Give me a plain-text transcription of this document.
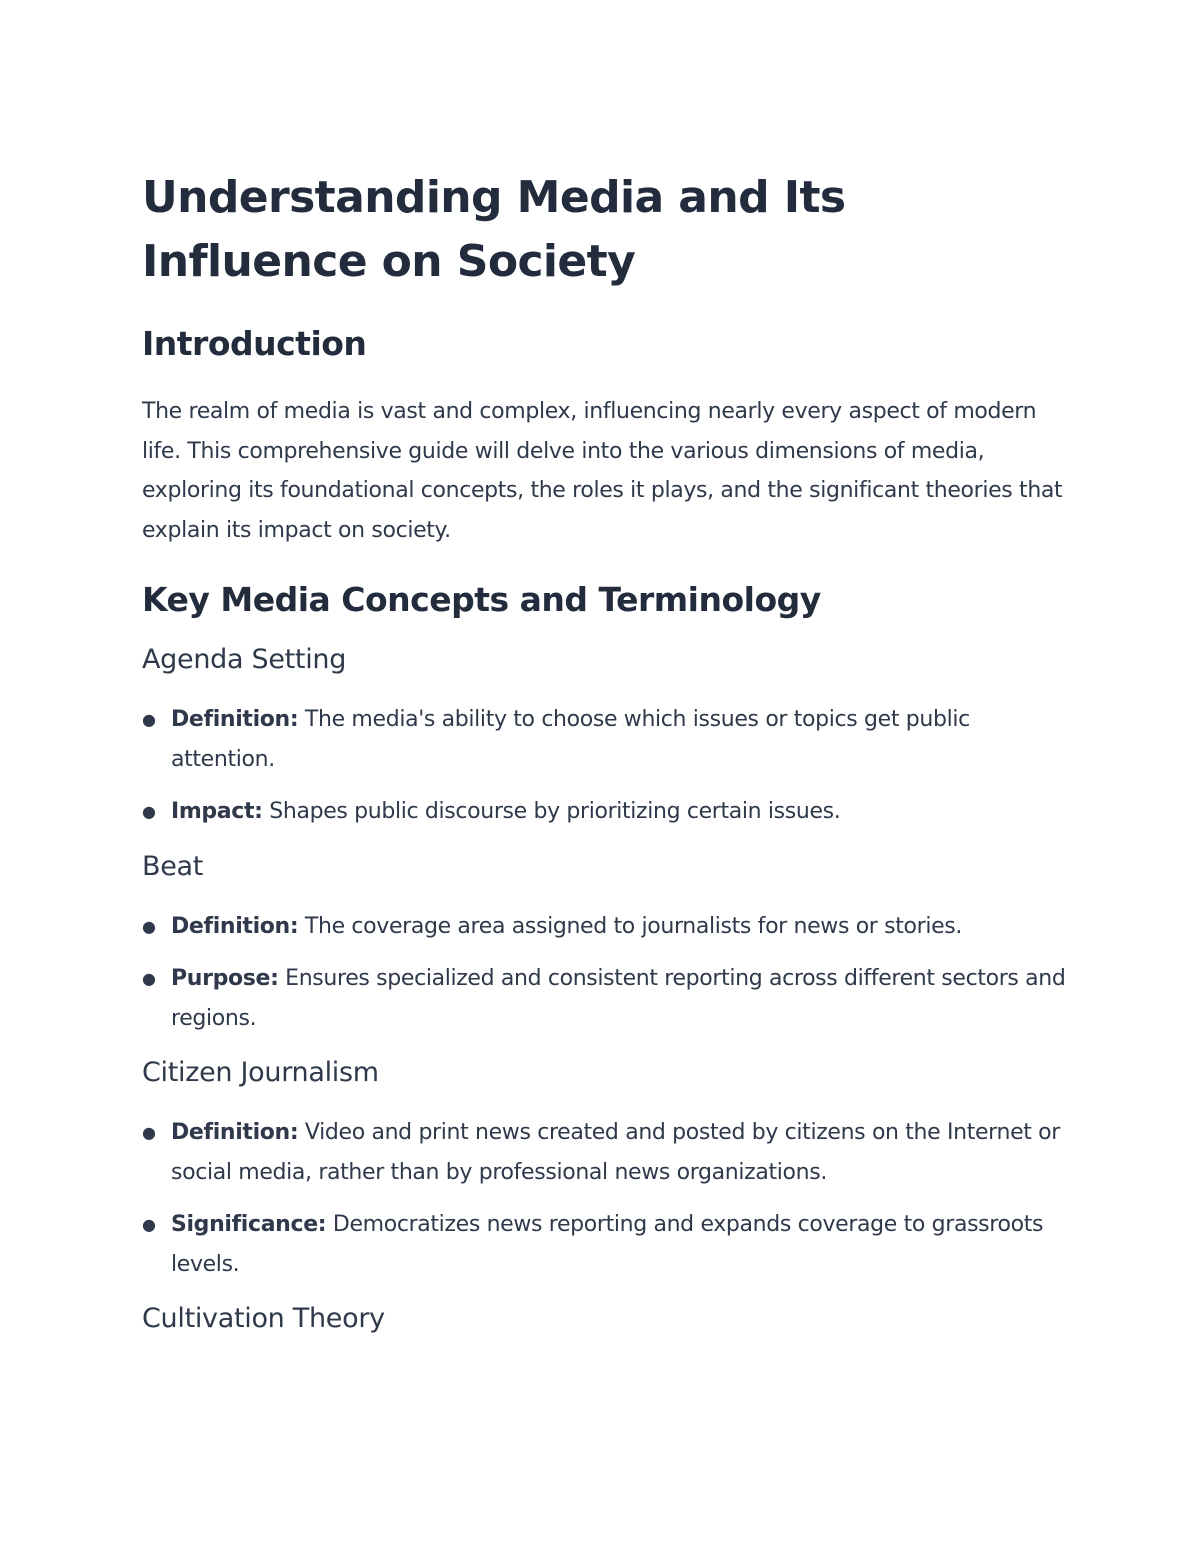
Understanding Media and Its Influence on Society
Introduction

The realm of media is vast and complex, influencing nearly every aspect of modern life. This comprehensive guide will delve into the various dimensions of media, exploring its foundational concepts, the roles it plays, and the significant theories that explain its impact on society.

Key Media Concepts and Terminology
Agenda Setting
● Definition: The media's ability to choose which issues or topics get public attention.
● Impact: Shapes public discourse by prioritizing certain issues.
Beat
● Definition: The coverage area assigned to journalists for news or stories.
● Purpose: Ensures specialized and consistent reporting across different sectors and regions.
Citizen Journalism
● Definition: Video and print news created and posted by citizens on the Internet or social media, rather than by professional news organizations.
● Significance: Democratizes news reporting and expands coverage to grassroots levels.
Cultivation Theory
